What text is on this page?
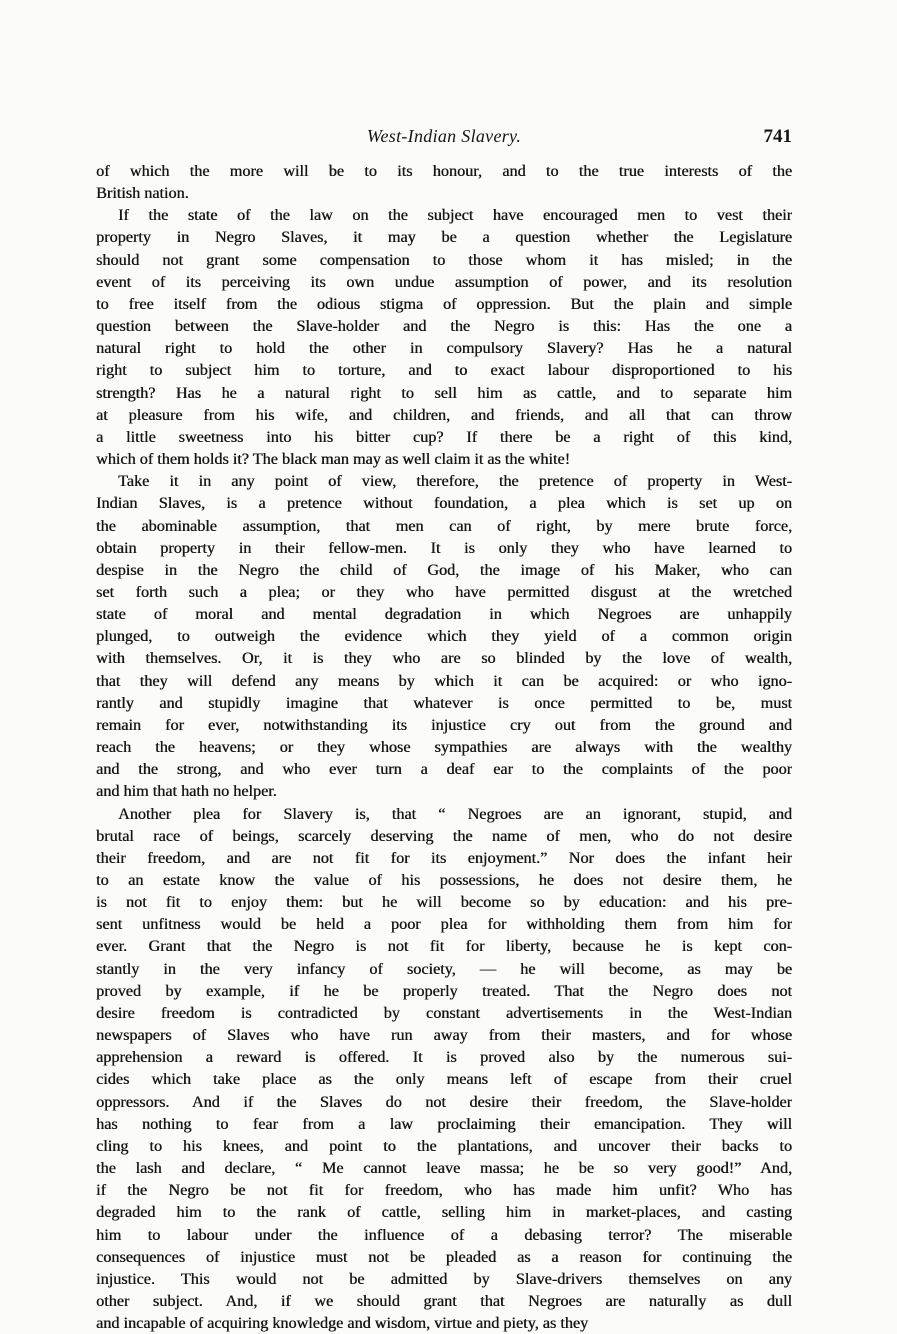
West-Indian Slavery.	741

of which the more will be to its honour, and to the true interests of the
British nation.
If the state of the law on the subject have encouraged men to vest their
property in Negro Slaves, it may be a question whether the Legislature
should not grant some compensation to those whom it has misled; in the
event of its perceiving its own undue assumption of power, and its resolution
to free itself from the odious stigma of oppression. But the plain and simple
question between the Slave-holder and the Negro is this: Has the one a
natural right to hold the other in compulsory Slavery? Has he a natural
right to subject him to torture, and to exact labour disproportioned to his
strength? Has he a natural right to sell him as cattle, and to separate him
at pleasure from his wife, and children, and friends, and all that can throw
a little sweetness into his bitter cup? If there be a right of this kind,
which of them holds it? The black man may as well claim it as the white!

Take it in any point of view, therefore, the pretence of property in West-
Indian Slaves, is a pretence without foundation, a plea which is set up on
the abominable assumption, that men can of right, by mere brute force,
obtain property in their fellow-men. It is only they who have learned to
despise in the Negro the child of God, the image of his Maker, who can
set forth such a plea; or they who have permitted disgust at the wretched
state of moral and mental degradation in which Negroes are unhappily
plunged, to outweigh the evidence which they yield of a common origin
with themselves. Or, it is they who are so blinded by the love of wealth,
that they will defend any means by which it can be acquired: or who igno-
rantly and stupidly imagine that whatever is once permitted to be, must
remain for ever, notwithstanding its injustice cry out from the ground and
reach the heavens; or they whose sympathies are always with the wealthy
and the strong, and who ever turn a deaf ear to the complaints of the poor
and him that hath no helper.

Another plea for Slavery is, that “ Negroes are an ignorant, stupid, and
brutal race of beings, scarcely deserving the name of men, who do not desire
their freedom, and are not fit for its enjoyment.” Nor does the infant heir
to an estate know the value of his possessions, he does not desire them, he
is not fit to enjoy them: but he will become so by education: and his pre-
sent unfitness would be held a poor plea for withholding them from him for
ever. Grant that the Negro is not fit for liberty, because he is kept con-
stantly in the very infancy of society, — he will become, as may be
proved by example, if he be properly treated. That the Negro does not
desire freedom is contradicted by constant advertisements in the West-Indian
newspapers of Slaves who have run away from their masters, and for whose
apprehension a reward is offered. It is proved also by the numerous sui-
cides which take place as the only means left of escape from their cruel
oppressors. And if the Slaves do not desire their freedom, the Slave-holder
has nothing to fear from a law proclaiming their emancipation. They will
cling to his knees, and point to the plantations, and uncover their backs to
the lash and declare, “ Me cannot leave massa; he be so very good!” And,
if the Negro be not fit for freedom, who has made him unfit? Who has
degraded him to the rank of cattle, selling him in market-places, and casting
him to labour under the influence of a debasing terror? The miserable
consequences of injustice must not be pleaded as a reason for continuing the
injustice. This would not be admitted by Slave-drivers themselves on any
other subject. And, if we should grant that Negroes are naturally as dull
and incapable of acquiring knowledge and wisdom, virtue and piety, as they
